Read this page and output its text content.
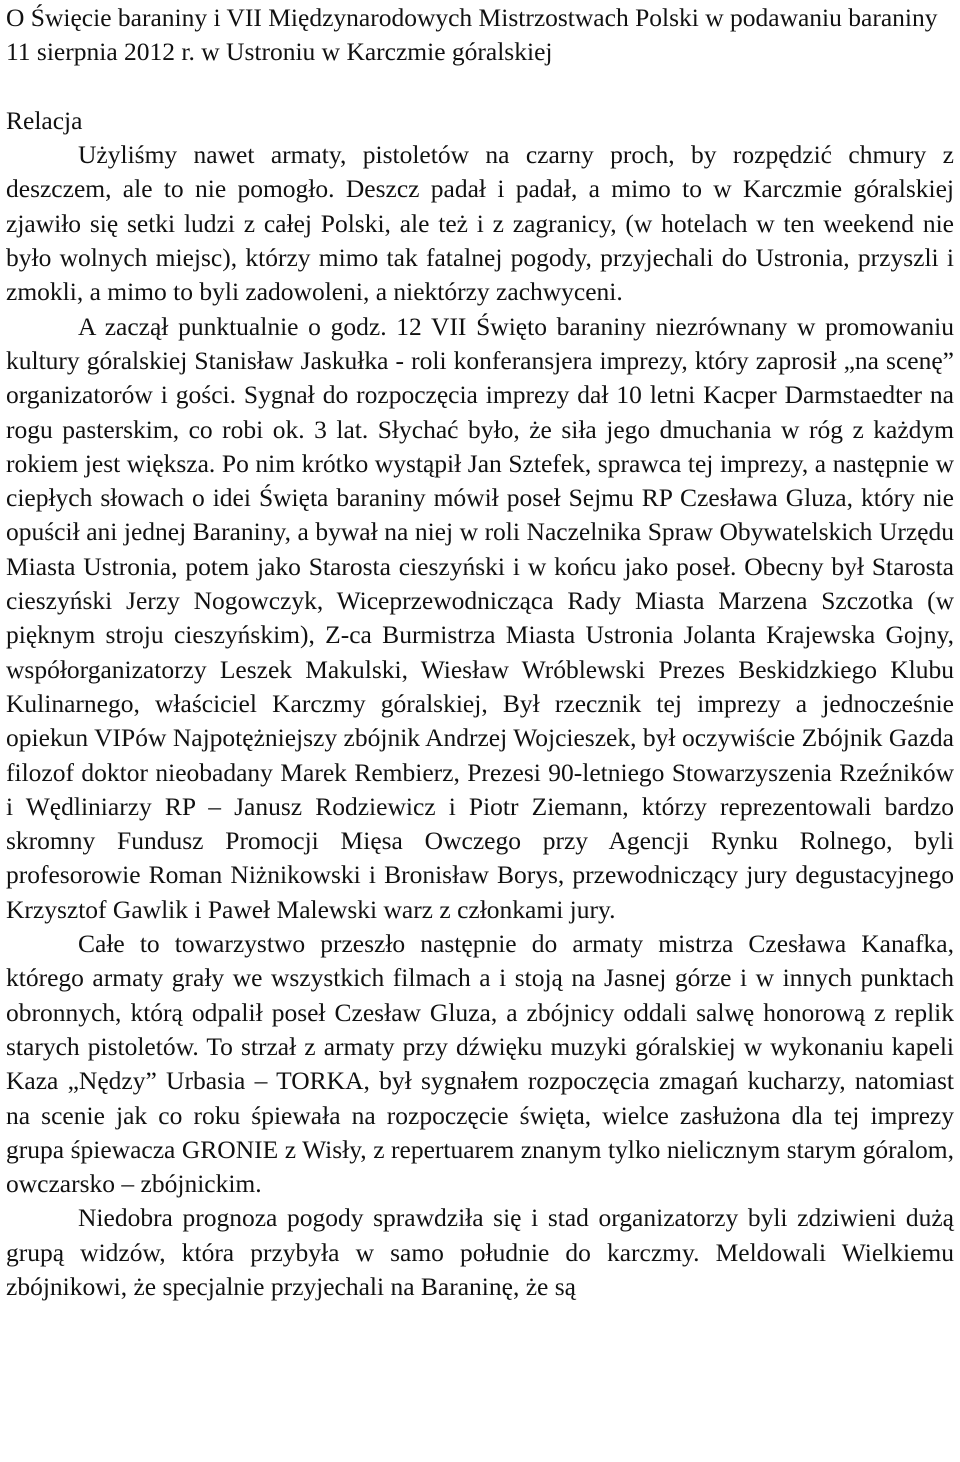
O Święcie baraniny i VII Międzynarodowych Mistrzostwach Polski w podawaniu baraniny 11 sierpnia 2012 r. w Ustroniu w Karczmie góralskiej

Relacja

Użyliśmy nawet armaty, pistoletów na czarny proch, by rozpędzić chmury z deszczem, ale to nie pomogło. Deszcz padał i padał, a mimo to w Karczmie góralskiej zjawiło się setki ludzi z całej Polski, ale też i z zagranicy, (w hotelach w ten weekend nie było wolnych miejsc), którzy mimo tak fatalnej pogody, przyjechali do Ustronia, przyszli i zmokli, a mimo to byli zadowoleni, a niektórzy zachwyceni.

A zaczął punktualnie o godz. 12 VII Święto baraniny niezrównany w promowaniu kultury góralskiej Stanisław Jaskułka - roli konferansjera imprezy, który zaprosił „na scenę” organizatorów i gości. Sygnał do rozpoczęcia imprezy dał 10 letni Kacper Darmstaedter na rogu pasterskim, co robi ok. 3 lat. Słychać było, że siła jego dmuchania w róg z każdym rokiem jest większa. Po nim krótko wystąpił Jan Sztefek, sprawca tej imprezy, a następnie w ciepłych słowach o idei Święta baraniny mówił poseł Sejmu RP Czesława Gluza, który nie opuścił ani jednej Baraniny, a bywał na niej w roli Naczelnika Spraw Obywatelskich Urzędu Miasta Ustronia, potem jako Starosta cieszyński i w końcu jako poseł. Obecny był Starosta cieszyński Jerzy Nogowczyk, Wiceprzewodnicząca Rady Miasta Marzena Szczotka (w pięknym stroju cieszyńskim), Z-ca Burmistrza Miasta Ustronia Jolanta Krajewska Gojny, współorganizatorzy Leszek Makulski, Wiesław Wróblewski Prezes Beskidzkiego Klubu Kulinarnego, właściciel Karczmy góralskiej, Był rzecznik tej imprezy a jednocześnie opiekun VIPów Najpotężniejszy zbójnik Andrzej Wojcieszek, był oczywiście Zbójnik Gazda filozof doktor nieobadany Marek Rembierz, Prezesi 90-letniego Stowarzyszenia Rzeźników i Wędliniarzy RP – Janusz Rodziewicz i Piotr Ziemann, którzy reprezentowali bardzo skromny Fundusz Promocji Mięsa Owczego przy Agencji Rynku Rolnego, byli profesorowie Roman Niżnikowski i Bronisław Borys, przewodniczący jury degustacyjnego Krzysztof Gawlik i Paweł Malewski warz z członkami jury.

Całe to towarzystwo przeszło następnie do armaty mistrza Czesława Kanafka, którego armaty grały we wszystkich filmach a i stoją na Jasnej górze i w innych punktach obronnych, którą odpalił poseł Czesław Gluza, a zbójnicy oddali salwę honorową z replik starych pistoletów. To strzał z armaty przy dźwięku muzyki góralskiej w wykonaniu kapeli Kaza „Nędzy” Urbasia – TORKA, był sygnałem rozpoczęcia zmagań kucharzy, natomiast na scenie jak co roku śpiewała na rozpoczęcie święta, wielce zasłużona dla tej imprezy grupa śpiewacza GRONIE z Wisły, z repertuarem znanym tylko nielicznym starym góralom, owczarsko – zbójnickim.

Niedobra prognoza pogody sprawdziła się i stad organizatorzy byli zdziwieni dużą grupą widzów, która przybyła w samo południe do karczmy. Meldowali Wielkiemu zbójnikowi, że specjalnie przyjechali na Baraninę, że są
